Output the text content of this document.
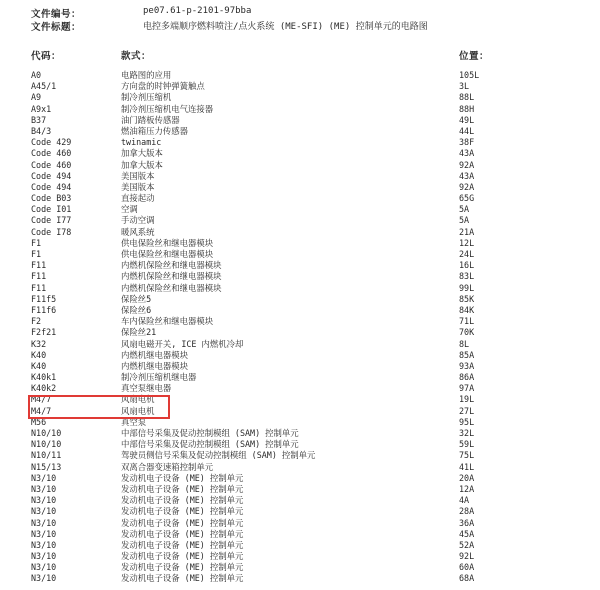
文件编号：	pe07.61-p-2101-97bba
文件标题：	电控多端顺序燃料喷注/点火系统 (ME-SFI) (ME) 控制单元的电路图
代码：	款式：	位置：
A0	电路图的应用	105L
A45/1	方向盘的时钟弹簧触点	3L
A9	制冷剂压缩机	88L
A9x1	制冷剂压缩机电气连接器	88H
B37	油门踏板传感器	49L
B4/3	燃油箱压力传感器	44L
Code 429	twinamic	38F
Code 460	加拿大版本	43A
Code 460	加拿大版本	92A
Code 494	美国版本	43A
Code 494	美国版本	92A
Code B03	直接起动	65G
Code I01	空调	5A
Code I77	手动空调	5A
Code I78	暖风系统	21A
F1	供电保险丝和继电器模块	12L
F1	供电保险丝和继电器模块	24L
F11	内燃机保险丝和继电器模块	16L
F11	内燃机保险丝和继电器模块	83L
F11	内燃机保险丝和继电器模块	99L
F11f5	保险丝5	85K
F11f6	保险丝6	84K
F2	车内保险丝和继电器模块	71L
F2f21	保险丝21	70K
K32	风扇电磁开关, ICE 内燃机冷却	8L
K40	内燃机继电器模块	85A
K40	内燃机继电器模块	93A
K40k1	制冷剂压缩机继电器	86A
K40k2	真空泵继电器	97A
M4/7	风扇电机	19L
M4/7	风扇电机	27L
M56	真空泵	95L
N10/10	中部信号采集及促动控制模组 (SAM) 控制单元	32L
N10/10	中部信号采集及促动控制模组 (SAM) 控制单元	59L
N10/11	驾驶员侧信号采集及促动控制模组 (SAM) 控制单元	75L
N15/13	双离合器变速箱控制单元	41L
N3/10	发动机电子设备 (ME) 控制单元	20A
N3/10	发动机电子设备 (ME) 控制单元	12A
N3/10	发动机电子设备 (ME) 控制单元	4A
N3/10	发动机电子设备 (ME) 控制单元	28A
N3/10	发动机电子设备 (ME) 控制单元	36A
N3/10	发动机电子设备 (ME) 控制单元	45A
N3/10	发动机电子设备 (ME) 控制单元	52A
N3/10	发动机电子设备 (ME) 控制单元	92L
N3/10	发动机电子设备 (ME) 控制单元	60A
N3/10	发动机电子设备 (ME) 控制单元	68A
